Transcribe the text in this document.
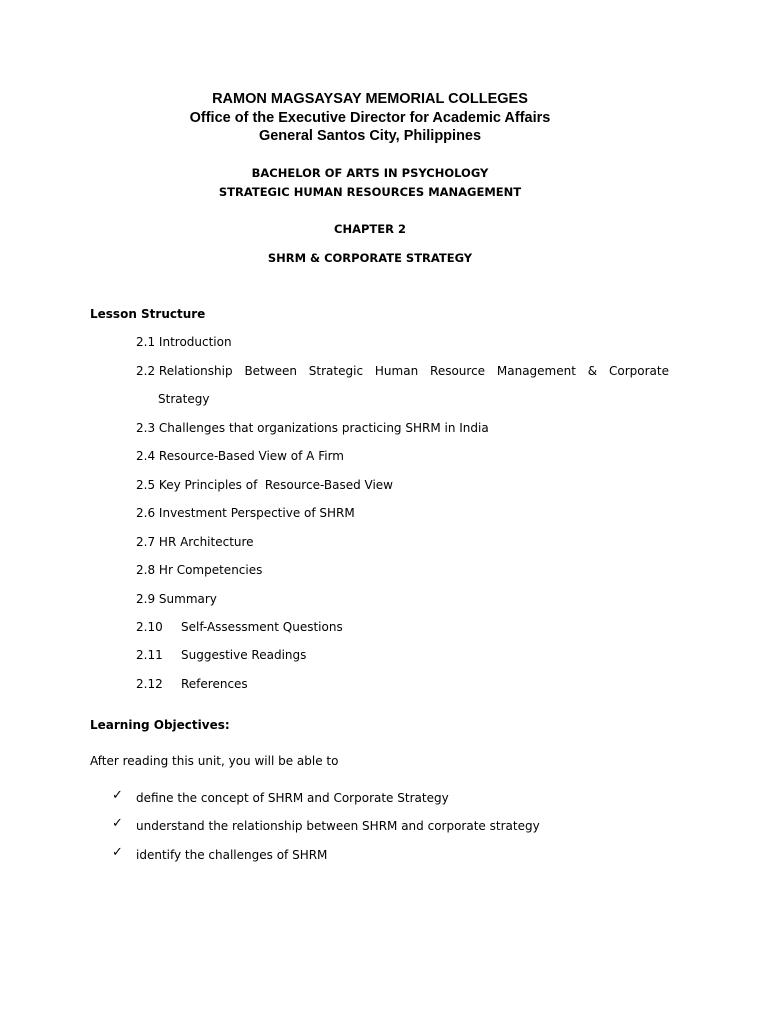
RAMON MAGSAYSAY MEMORIAL COLLEGES
Office of the Executive Director for Academic Affairs
General Santos City, Philippines
BACHELOR OF ARTS IN PSYCHOLOGY
STRATEGIC HUMAN RESOURCES MANAGEMENT
CHAPTER 2
SHRM & CORPORATE STRATEGY
Lesson Structure
2.1 Introduction
2.2 Relationship Between Strategic Human Resource Management & Corporate
Strategy
2.3 Challenges that organizations practicing SHRM in India
2.4 Resource-Based View of A Firm
2.5 Key Principles of  Resource-Based View
2.6 Investment Perspective of SHRM
2.7 HR Architecture
2.8 Hr Competencies
2.9 Summary
2.10 Self-Assessment Questions
2.11 Suggestive Readings
2.12 References
Learning Objectives:
After reading this unit, you will be able to
✓ define the concept of SHRM and Corporate Strategy
✓ understand the relationship between SHRM and corporate strategy
✓ identify the challenges of SHRM
